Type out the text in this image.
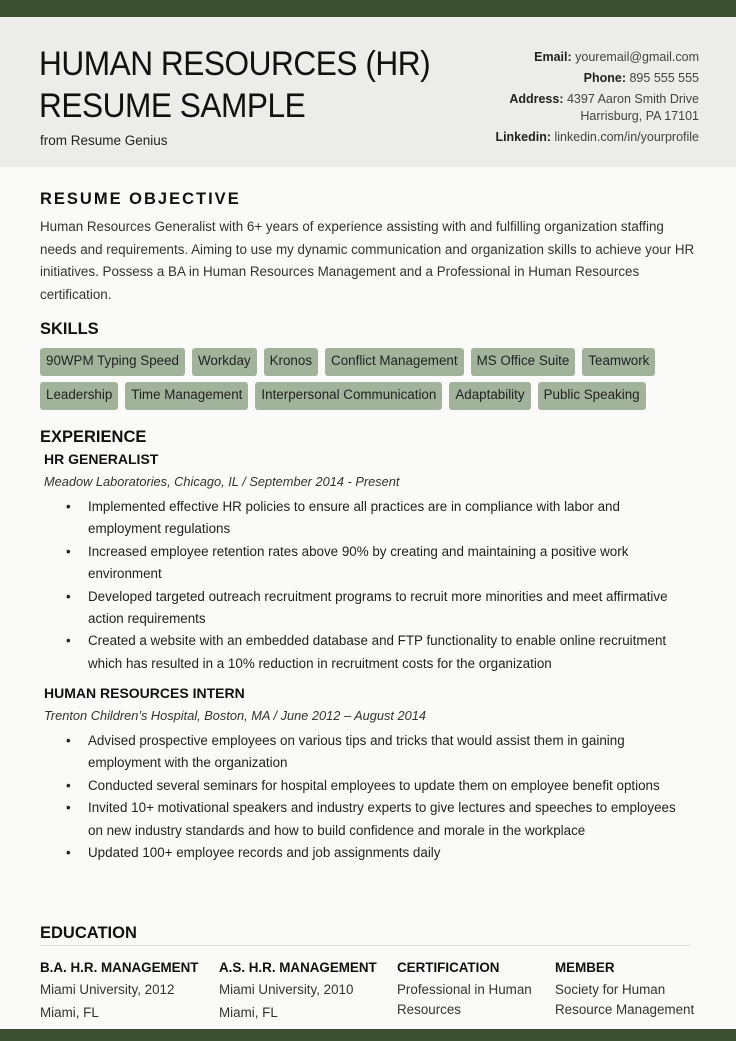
HUMAN RESOURCES (HR)
RESUME SAMPLE
from Resume Genius
Email: youremail@gmail.com
Phone: 895 555 555
Address: 4397 Aaron Smith Drive
Harrisburg, PA 17101
Linkedin: linkedin.com/in/yourprofile
RESUME OBJECTIVE
Human Resources Generalist with 6+ years of experience assisting with and fulfilling organization staffing needs and requirements. Aiming to use my dynamic communication and organization skills to achieve your HR initiatives. Possess a BA in Human Resources Management and a Professional in Human Resources certification.
SKILLS
90WPM Typing Speed	Workday	Kronos	Conflict Management	MS Office Suite	Teamwork
Leadership	Time Management	Interpersonal Communication	Adaptability	Public Speaking
EXPERIENCE
HR GENERALIST
Meadow Laboratories, Chicago, IL / September 2014 - Present
• Implemented effective HR policies to ensure all practices are in compliance with labor and employment regulations
• Increased employee retention rates above 90% by creating and maintaining a positive work environment
• Developed targeted outreach recruitment programs to recruit more minorities and meet affirmative action requirements
• Created a website with an embedded database and FTP functionality to enable online recruitment which has resulted in a 10% reduction in recruitment costs for the organization
HUMAN RESOURCES INTERN
Trenton Children’s Hospital, Boston, MA / June 2012 – August 2014
• Advised prospective employees on various tips and tricks that would assist them in gaining employment with the organization
• Conducted several seminars for hospital employees to update them on employee benefit options
• Invited 10+ motivational speakers and industry experts to give lectures and speeches to employees on new industry standards and how to build confidence and morale in the workplace
• Updated 100+ employee records and job assignments daily
EDUCATION
B.A. H.R. MANAGEMENT
Miami University, 2012
Miami, FL
A.S. H.R. MANAGEMENT
Miami University, 2010
Miami, FL
CERTIFICATION
Professional in Human Resources
MEMBER
Society for Human Resource Management
